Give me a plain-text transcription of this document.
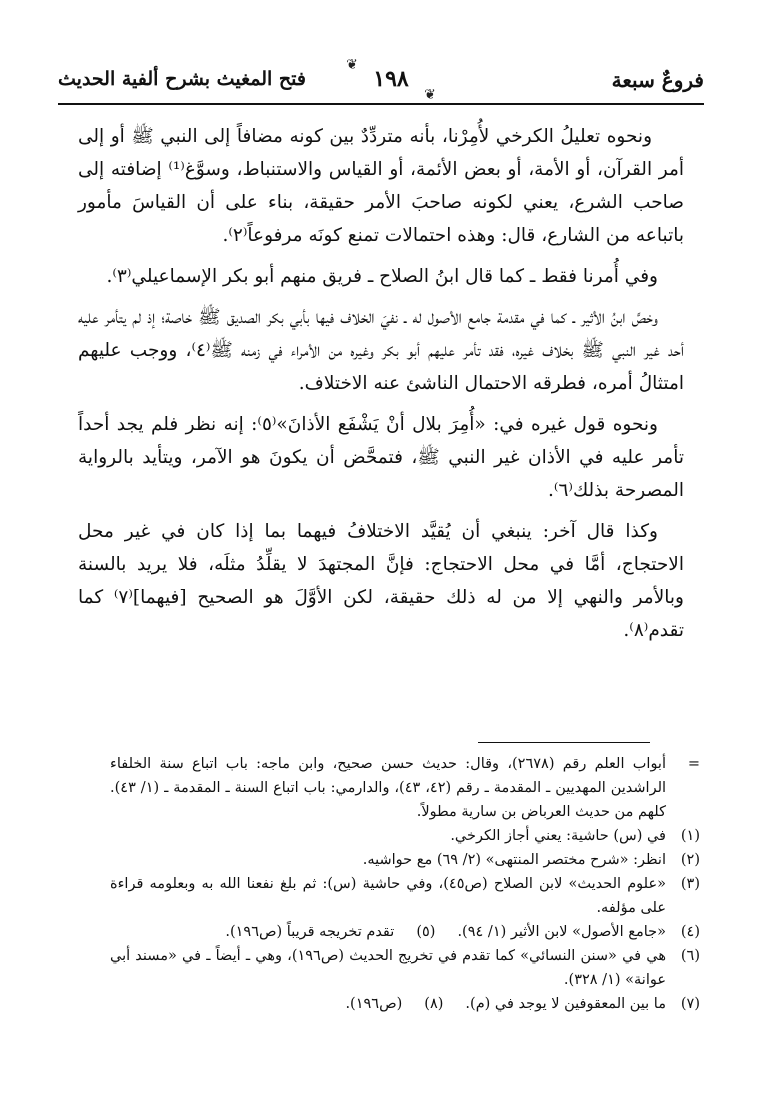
فروعٌ سبعة
❦
١٩٨
❦
فتح المغيث بشرح ألفية الحديث

ونحوه تعليلُ الكرخي لأُمِرْنا، بأنه متردِّدٌ بين كونه مضافاً إلى النبي ﷺ أو إلى أمر القرآن، أو الأمة، أو بعض الأئمة، أو القياس والاستنباط، وسوَّغ⁽¹⁾ إضافته إلى صاحب الشرع، يعني لكونه صاحبَ الأمر حقيقة، بناء على أن القياسَ مأمور باتباعه من الشارع، قال: وهذه احتمالات تمنع كونَه مرفوعاً⁽٢⁾.

وفي أُمرنا فقط ـ كما قال ابنُ الصلاح ـ فريق منهم أبو بكر الإسماعيلي⁽٣⁾.

وخصَّ ابنُ الأثير ـ كما في مقدمة جامع الأصول له ـ نفيَ الخلاف فيها بأبي بكر الصديق ﷺ خاصة؛ إذ لم يتأمر عليه أحد غير النبي ﷺ بخلاف غيره، فقد تأمر عليهم أبو بكر وغيره من الأمراء في زمنه ﷺ⁽٤⁾، ووجب عليهم امتثالُ أمره، فطرقه الاحتمال الناشئ عنه الاختلاف.

ونحوه قول غيره في: «أُمِرَ بلال أنْ يَشْفَع الأذانَ»⁽٥⁾: إنه نظر فلم يجد أحداً تأمر عليه في الأذان غير النبي ﷺ، فتمحَّض أن يكونَ هو الآمر، ويتأيد بالرواية المصرحة بذلك⁽٦⁾.

وكذا قال آخر: ينبغي أن يُقيَّد الاختلافُ فيهما بما إذا كان في غير محل الاحتجاج، أمَّا في محل الاحتجاج: فإنَّ المجتهدَ لا يقلِّدُ مثلَه، فلا يريد بالسنة وبالأمر والنهي إلا من له ذلك حقيقة، لكن الأوَّلَ هو الصحيح [فيهما]⁽٧⁾ كما تقدم⁽٨⁾.

=
أبواب العلم رقم (٢٦٧٨)، وقال: حديث حسن صحيح، وابن ماجه: باب اتباع سنة الخلفاء الراشدين المهديين ـ المقدمة ـ رقم (٤٢، ٤٣)، والدارمي: باب اتباع السنة ـ المقدمة ـ (١/ ٤٣). كلهم من حديث العرباض بن سارية مطولاً.
(١)
في (س) حاشية: يعني أجاز الكرخي.
(٢)
انظر: «شرح مختصر المنتهى» (٢/ ٦٩) مع حواشيه.
(٣)
«علوم الحديث» لابن الصلاح (ص٤٥)، وفي حاشية (س): ثم بلغ نفعنا الله به وبعلومه قراءة على مؤلفه.
(٤)
«جامع الأصول» لابن الأثير (١/ ٩٤).
(٥)
تقدم تخريجه قريباً (ص١٩٦).
(٦)
هي في «سنن النسائي» كما تقدم في تخريج الحديث (ص١٩٦)، وهي ـ أيضاً ـ في «مسند أبي عوانة» (١/ ٣٢٨).
(٧)
ما بين المعقوفين لا يوجد في (م).
(٨)
(ص١٩٦).
